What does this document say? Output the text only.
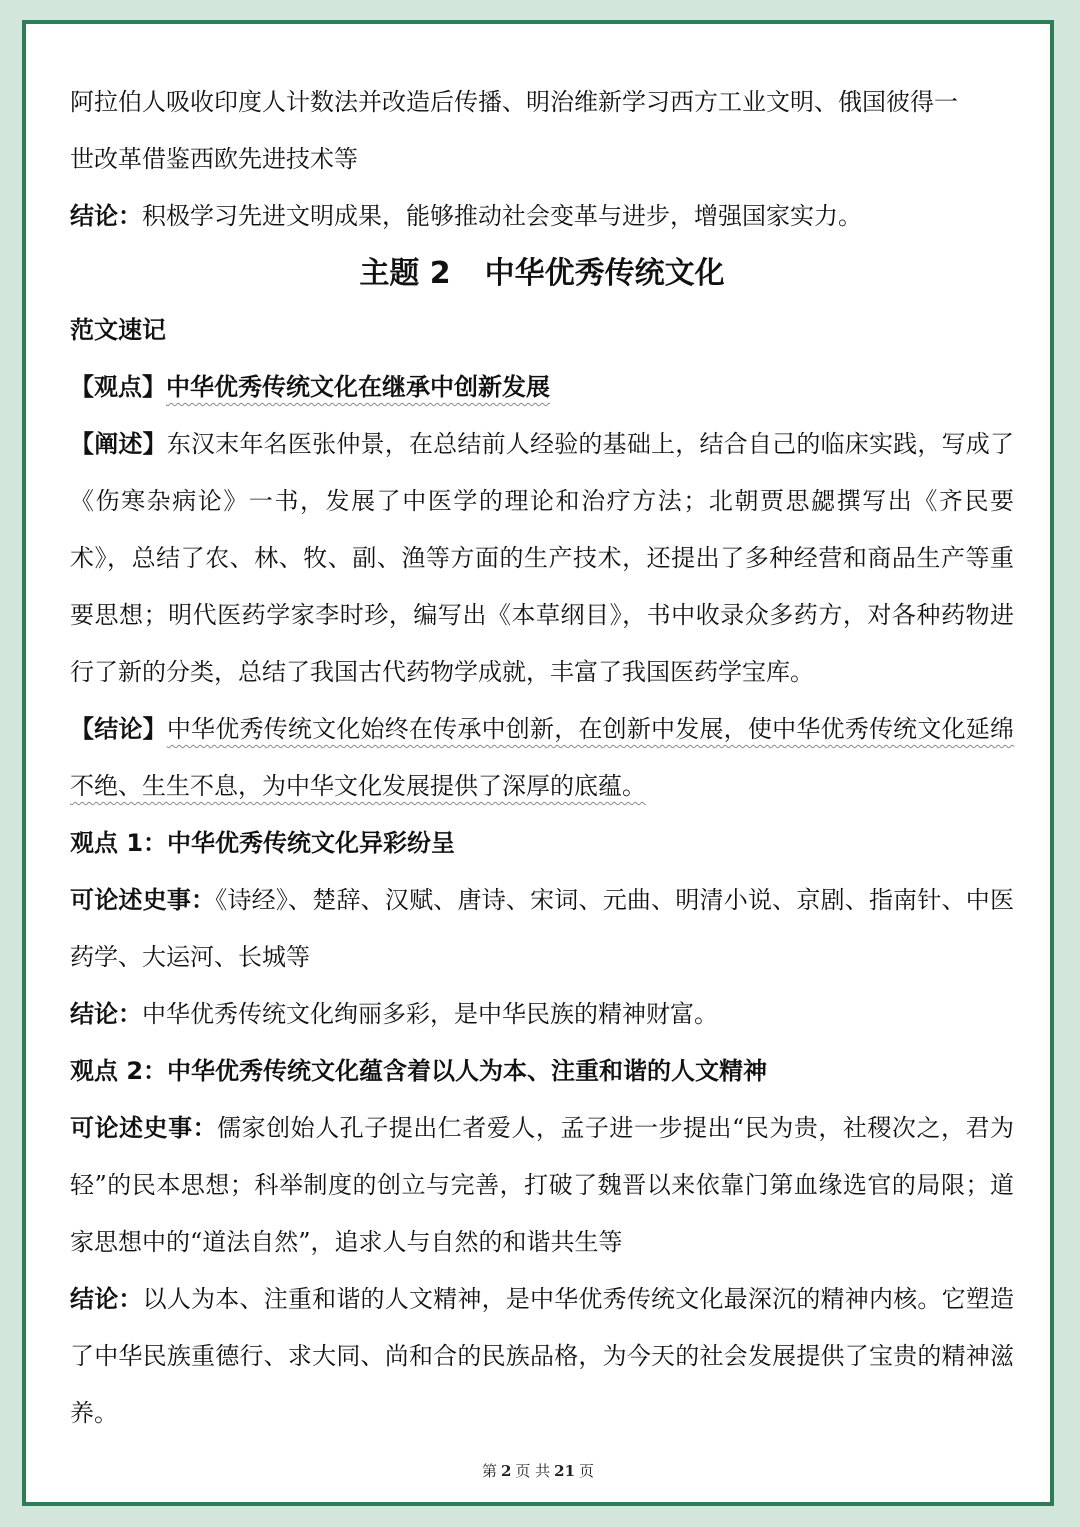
阿拉伯人吸收印度人计数法并改造后传播、明治维新学习西方工业文明、俄国彼得一
世改革借鉴西欧先进技术等
结论：积极学习先进文明成果，能够推动社会变革与进步，增强国家实力。
主题 2 中华优秀传统文化
范文速记
【观点】中华优秀传统文化在继承中创新发展
【阐述】东汉末年名医张仲景，在总结前人经验的基础上，结合自己的临床实践，写成了《伤寒杂病论》一书，发展了中医学的理论和治疗方法；北朝贾思勰撰写出《齐民要术》，总结了农、林、牧、副、渔等方面的生产技术，还提出了多种经营和商品生产等重要思想；明代医药学家李时珍，编写出《本草纲目》，书中收录众多药方，对各种药物进行了新的分类，总结了我国古代药物学成就，丰富了我国医药学宝库。
【结论】中华优秀传统文化始终在传承中创新，在创新中发展，使中华优秀传统文化延绵不绝、生生不息，为中华文化发展提供了深厚的底蕴。
观点 1：中华优秀传统文化异彩纷呈
可论述史事：《诗经》、楚辞、汉赋、唐诗、宋词、元曲、明清小说、京剧、指南针、中医药学、大运河、长城等
结论：中华优秀传统文化绚丽多彩，是中华民族的精神财富。
观点 2：中华优秀传统文化蕴含着以人为本、注重和谐的人文精神
可论述史事：儒家创始人孔子提出仁者爱人，孟子进一步提出“民为贵，社稷次之，君为轻”的民本思想；科举制度的创立与完善，打破了魏晋以来依靠门第血缘选官的局限；道家思想中的“道法自然”，追求人与自然的和谐共生等
结论：以人为本、注重和谐的人文精神，是中华优秀传统文化最深沉的精神内核。它塑造了中华民族重德行、求大同、尚和合的民族品格，为今天的社会发展提供了宝贵的精神滋养。
第 2 页 共 21 页
